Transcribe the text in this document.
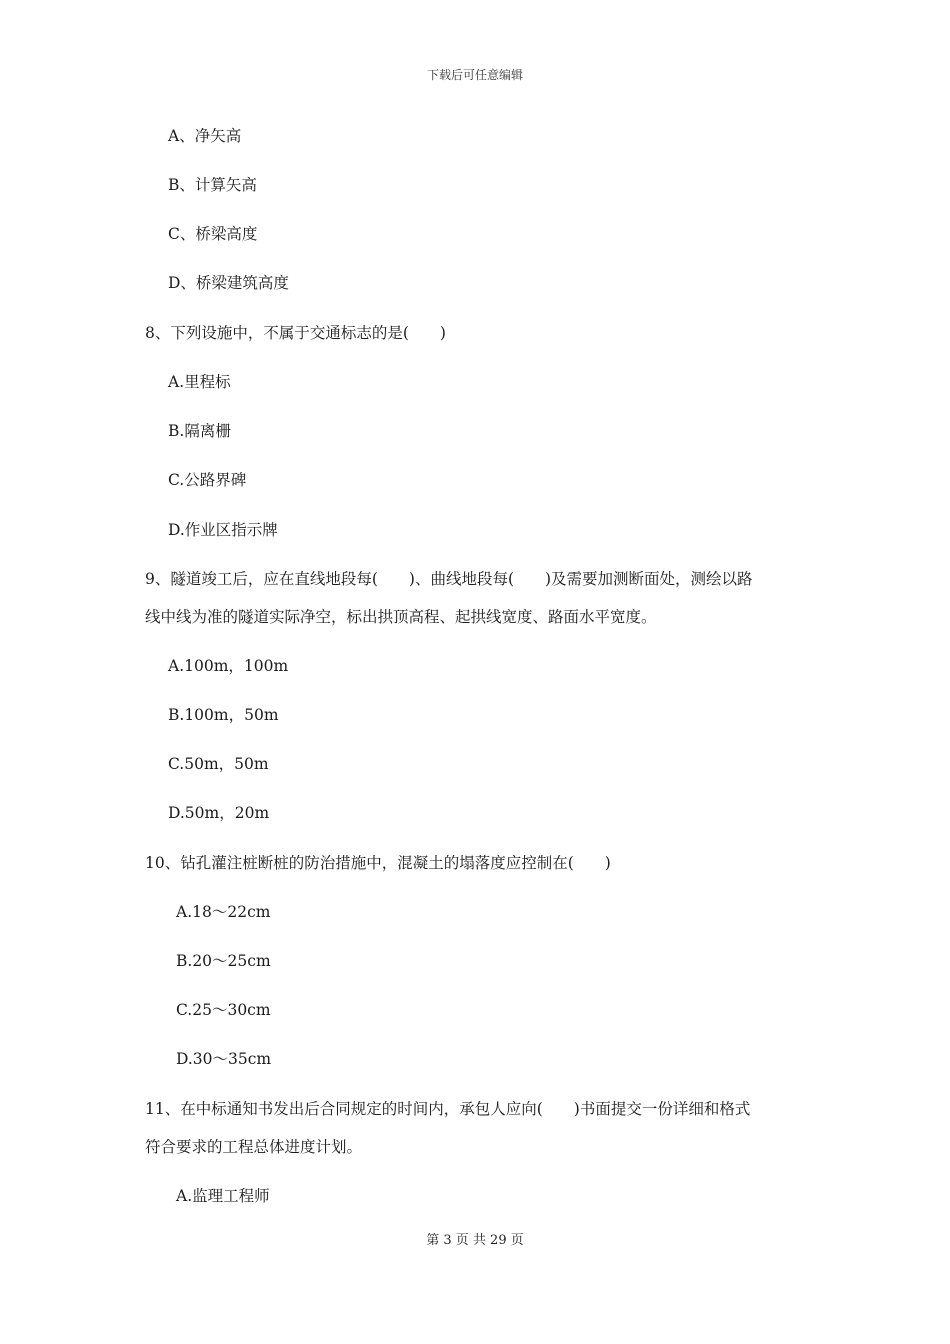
下载后可任意编辑
A、净矢高
B、计算矢高
C、桥梁高度
D、桥梁建筑高度
8、下列设施中，不属于交通标志的是(　　)
A.里程标
B.隔离栅
C.公路界碑
D.作业区指示牌
9、隧道竣工后，应在直线地段每(　　)、曲线地段每(　　)及需要加测断面处，测绘以路
线中线为准的隧道实际净空，标出拱顶高程、起拱线宽度、路面水平宽度。
A.100m，100m
B.100m，50m
C.50m，50m
D.50m，20m
10、钻孔灌注桩断桩的防治措施中，混凝土的塌落度应控制在(　　)
A.18～22cm
B.20～25cm
C.25～30cm
D.30～35cm
11、在中标通知书发出后合同规定的时间内，承包人应向(　　)书面提交一份详细和格式
符合要求的工程总体进度计划。
A.监理工程师
第 3 页 共 29 页
